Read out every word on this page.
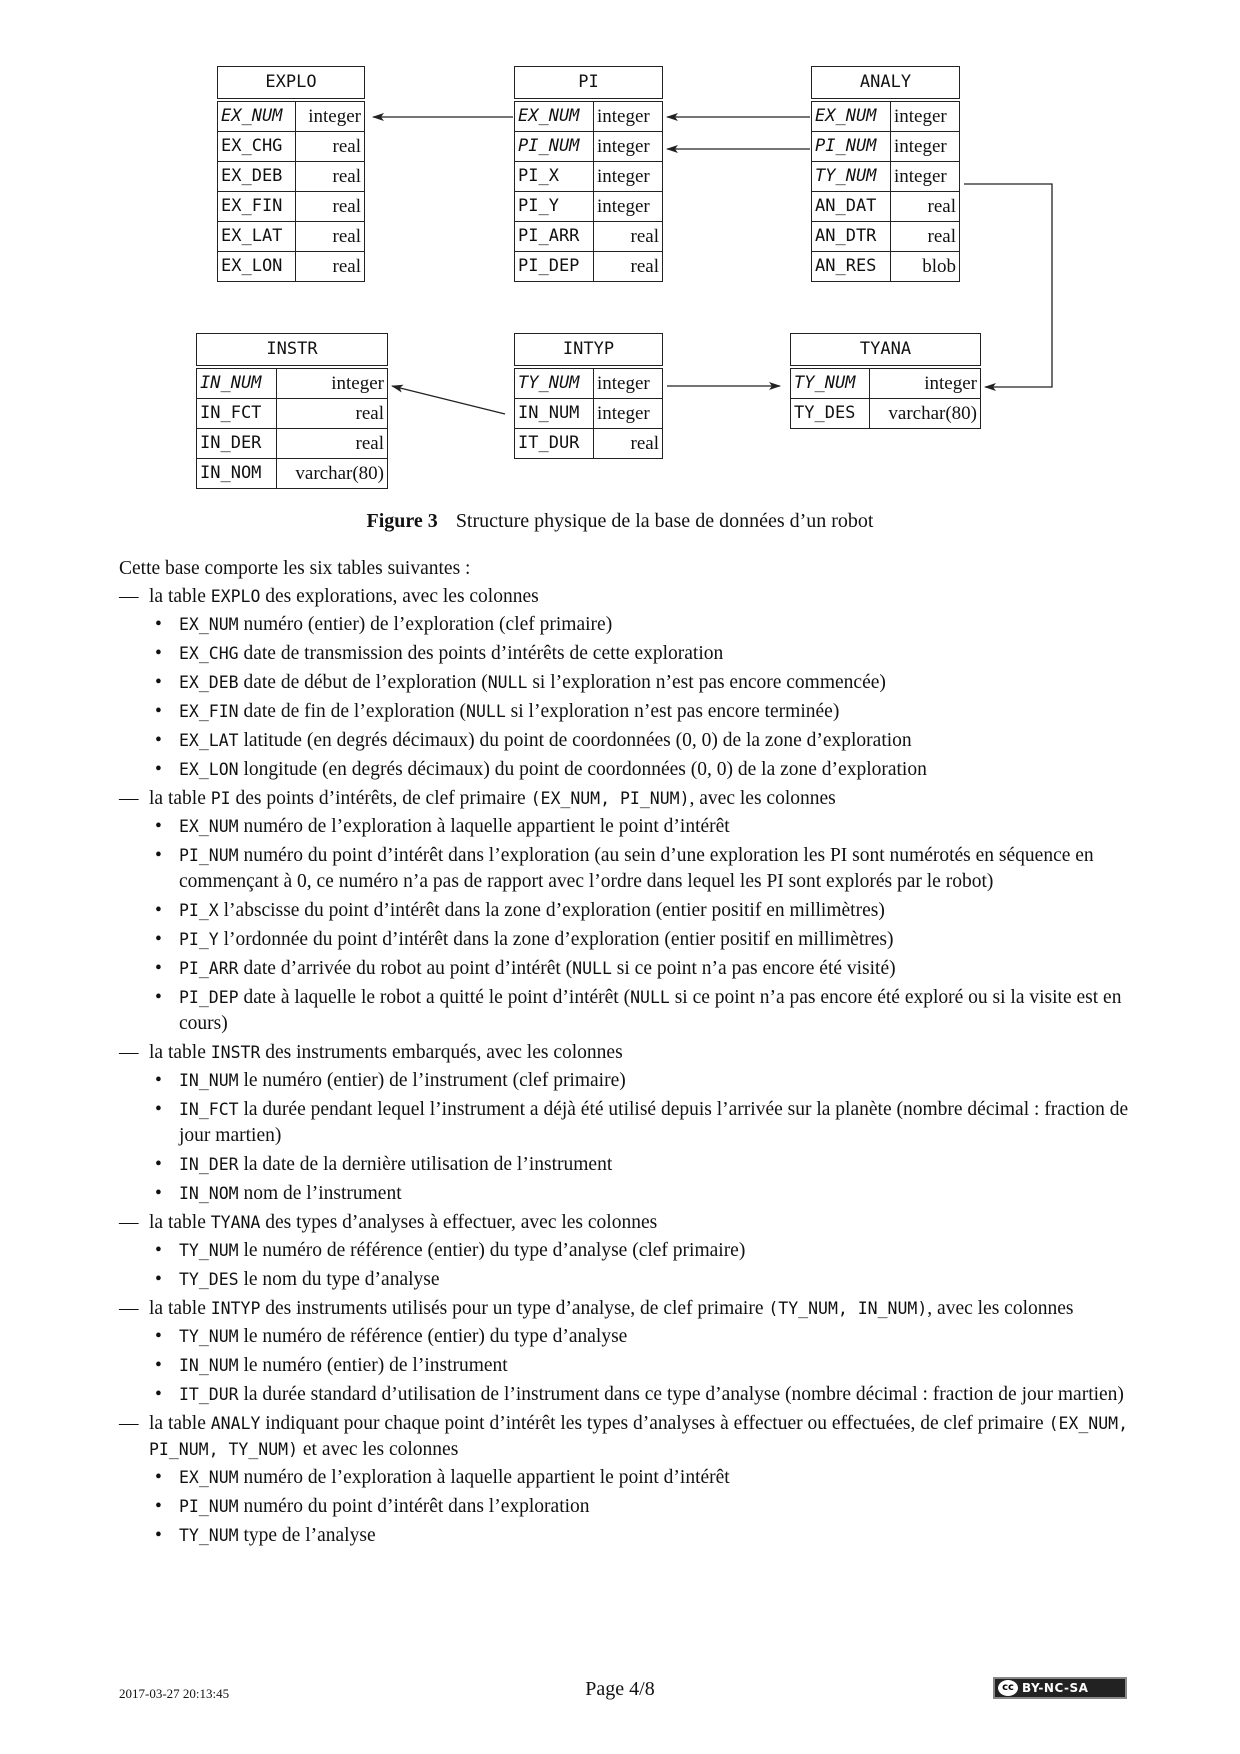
EXPLO	
EX_NUM	integer
EX_CHG	real
EX_DEB	real
EX_FIN	real
EX_LAT	real
EX_LON	real
PI	
EX_NUM	integer
PI_NUM	integer
PI_X	integer
PI_Y	integer
PI_ARR	real
PI_DEP	real
ANALY	
EX_NUM	integer
PI_NUM	integer
TY_NUM	integer
AN_DAT	real
AN_DTR	real
AN_RES	blob
INSTR	
IN_NUM	integer
IN_FCT	real
IN_DER	real
IN_NOM	varchar(80)
INTYP	
TY_NUM	integer
IN_NUM	integer
IT_DUR	real
TYANA	
TY_NUM	integer
TY_DES	varchar(80)
Figure 3 Structure physique de la base de données d’un robot

Cette base comporte les six tables suivantes :

— la table EXPLO des explorations, avec les colonnes
• EX_NUM numéro (entier) de l’exploration (clef primaire)
• EX_CHG date de transmission des points d’intérêts de cette exploration
• EX_DEB date de début de l’exploration (NULL si l’exploration n’est pas encore commencée)
• EX_FIN date de fin de l’exploration (NULL si l’exploration n’est pas encore terminée)
• EX_LAT latitude (en degrés décimaux) du point de coordonnées (0, 0) de la zone d’exploration
• EX_LON longitude (en degrés décimaux) du point de coordonnées (0, 0) de la zone d’exploration
— la table PI des points d’intérêts, de clef primaire (EX_NUM, PI_NUM), avec les colonnes
• EX_NUM numéro de l’exploration à laquelle appartient le point d’intérêt
• PI_NUM numéro du point d’intérêt dans l’exploration (au sein d’une exploration les PI sont numérotés en séquence en commençant à 0, ce numéro n’a pas de rapport avec l’ordre dans lequel les PI sont explorés par le robot)
• PI_X l’abscisse du point d’intérêt dans la zone d’exploration (entier positif en millimètres)
• PI_Y l’ordonnée du point d’intérêt dans la zone d’exploration (entier positif en millimètres)
• PI_ARR date d’arrivée du robot au point d’intérêt (NULL si ce point n’a pas encore été visité)
• PI_DEP date à laquelle le robot a quitté le point d’intérêt (NULL si ce point n’a pas encore été exploré ou si la visite est en cours)
— la table INSTR des instruments embarqués, avec les colonnes
• IN_NUM le numéro (entier) de l’instrument (clef primaire)
• IN_FCT la durée pendant lequel l’instrument a déjà été utilisé depuis l’arrivée sur la planète (nombre décimal : fraction de jour martien)
• IN_DER la date de la dernière utilisation de l’instrument
• IN_NOM nom de l’instrument
— la table TYANA des types d’analyses à effectuer, avec les colonnes
• TY_NUM le numéro de référence (entier) du type d’analyse (clef primaire)
• TY_DES le nom du type d’analyse
— la table INTYP des instruments utilisés pour un type d’analyse, de clef primaire (TY_NUM, IN_NUM), avec les colonnes
• TY_NUM le numéro de référence (entier) du type d’analyse
• IN_NUM le numéro (entier) de l’instrument
• IT_DUR la durée standard d’utilisation de l’instrument dans ce type d’analyse (nombre décimal : fraction de jour martien)
— la table ANALY indiquant pour chaque point d’intérêt les types d’analyses à effectuer ou effectuées, de clef primaire (EX_NUM, PI_NUM, TY_NUM) et avec les colonnes
• EX_NUM numéro de l’exploration à laquelle appartient le point d’intérêt
• PI_NUM numéro du point d’intérêt dans l’exploration
• TY_NUM type de l’analyse
2017-03-27 20:13:45	Page 4/8	cc BY-NC-SA
